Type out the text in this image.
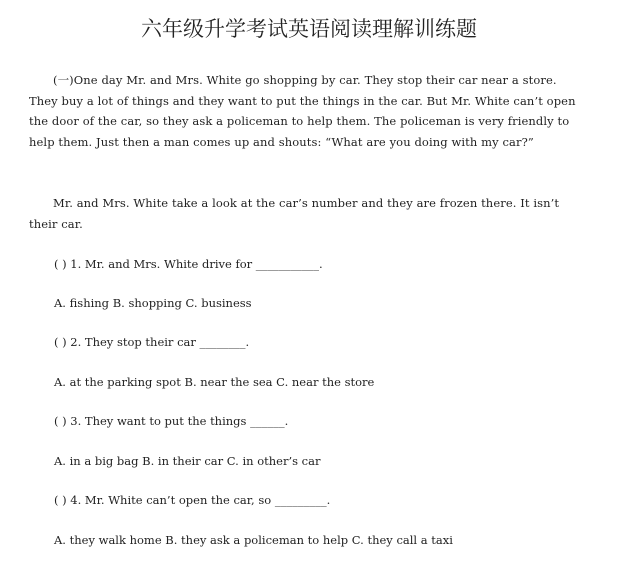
六年级升学考试英语阅读理解训练题

(一)One day Mr. and Mrs. White go shopping by car. They stop their car near a store. They buy a lot of things and they want to put the things in the car. But Mr. White can’t open the door of the car, so they ask a policeman to help them. The policeman is very friendly to help them. Just then a man comes up and shouts: “What are you doing with my car?”

Mr. and Mrs. White take a look at the car’s number and they are frozen there. It isn’t their car.

( ) 1. Mr. and Mrs. White drive for ___________.

A. fishing B. shopping C. business

( ) 2. They stop their car ________.

A. at the parking spot B. near the sea C. near the store

( ) 3. They want to put the things ______.

A. in a big bag B. in their car C. in other’s car

( ) 4. Mr. White can’t open the car, so _________.

A. they walk home B. they ask a policeman to help C. they call a taxi
